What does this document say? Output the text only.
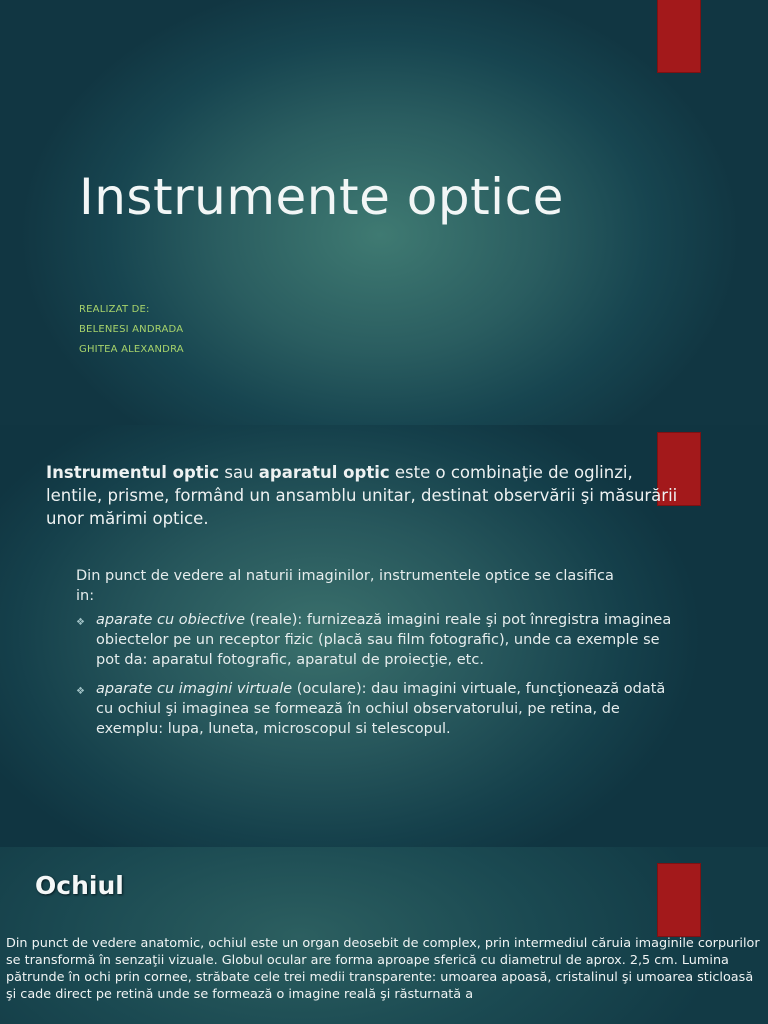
Instrumente optice
REALIZAT DE:
BELENESI ANDRADA
GHITEA ALEXANDRA

Instrumentul optic sau aparatul optic este o combinaţie de oglinzi, lentile, prisme, formând un ansamblu unitar, destinat observării şi măsurării unor mărimi optice.

Din punct de vedere al naturii imaginilor, instrumentele optice se clasifica in:

❖ aparate cu obiective (reale): furnizează imagini reale şi pot înregistra imaginea obiectelor pe un receptor fizic (placă sau film fotografic), unde ca exemple se pot da: aparatul fotografic, aparatul de proiecţie, etc.
❖ aparate cu imagini virtuale (oculare): dau imagini virtuale, funcţionează odată cu ochiul şi imaginea se formează în ochiul observatorului, pe retina, de exemplu: lupa, luneta, microscopul si telescopul.
Ochiul

Din punct de vedere anatomic, ochiul este un organ deosebit de complex, prin intermediul căruia imaginile corpurilor se transformă în senzaţii vizuale. Globul ocular are forma aproape sferică cu diametrul de aprox. 2,5 cm. Lumina pătrunde în ochi prin cornee, străbate cele trei medii transparente: umoarea apoasă, cristalinul şi umoarea sticloasă şi cade direct pe retină unde se formează o imagine reală şi răsturnată a
